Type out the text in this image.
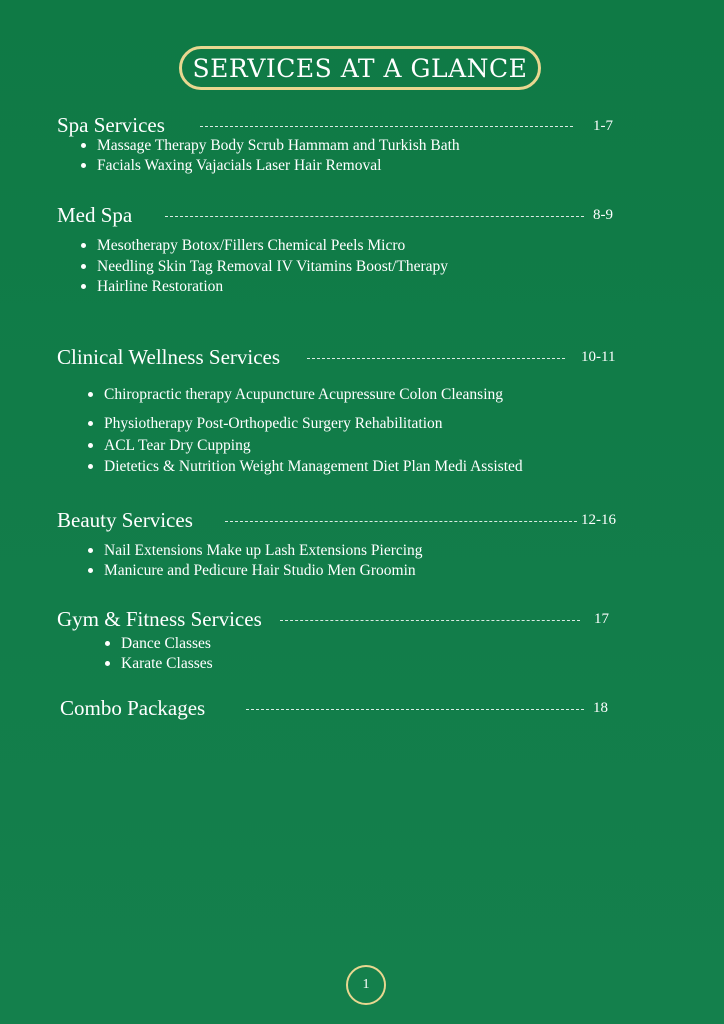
SERVICES AT A GLANCE
Spa Services	1-7
Massage Therapy Body Scrub Hammam and Turkish Bath
Facials Waxing Vajacials Laser Hair Removal
Med Spa	8-9
Mesotherapy Botox/Fillers Chemical Peels Micro
Needling Skin Tag Removal IV Vitamins Boost/Therapy
Hairline Restoration
Clinical Wellness Services	10-11
Chiropractic therapy Acupuncture Acupressure Colon Cleansing
Physiotherapy Post-Orthopedic Surgery Rehabilitation
ACL Tear Dry Cupping
Dietetics & Nutrition Weight Management Diet Plan Medi Assisted
Beauty Services	12-16
Nail Extensions Make up Lash Extensions Piercing
Manicure and Pedicure Hair Studio Men Groomin
Gym & Fitness Services	17
Dance Classes
Karate Classes
Combo Packages	18
1
